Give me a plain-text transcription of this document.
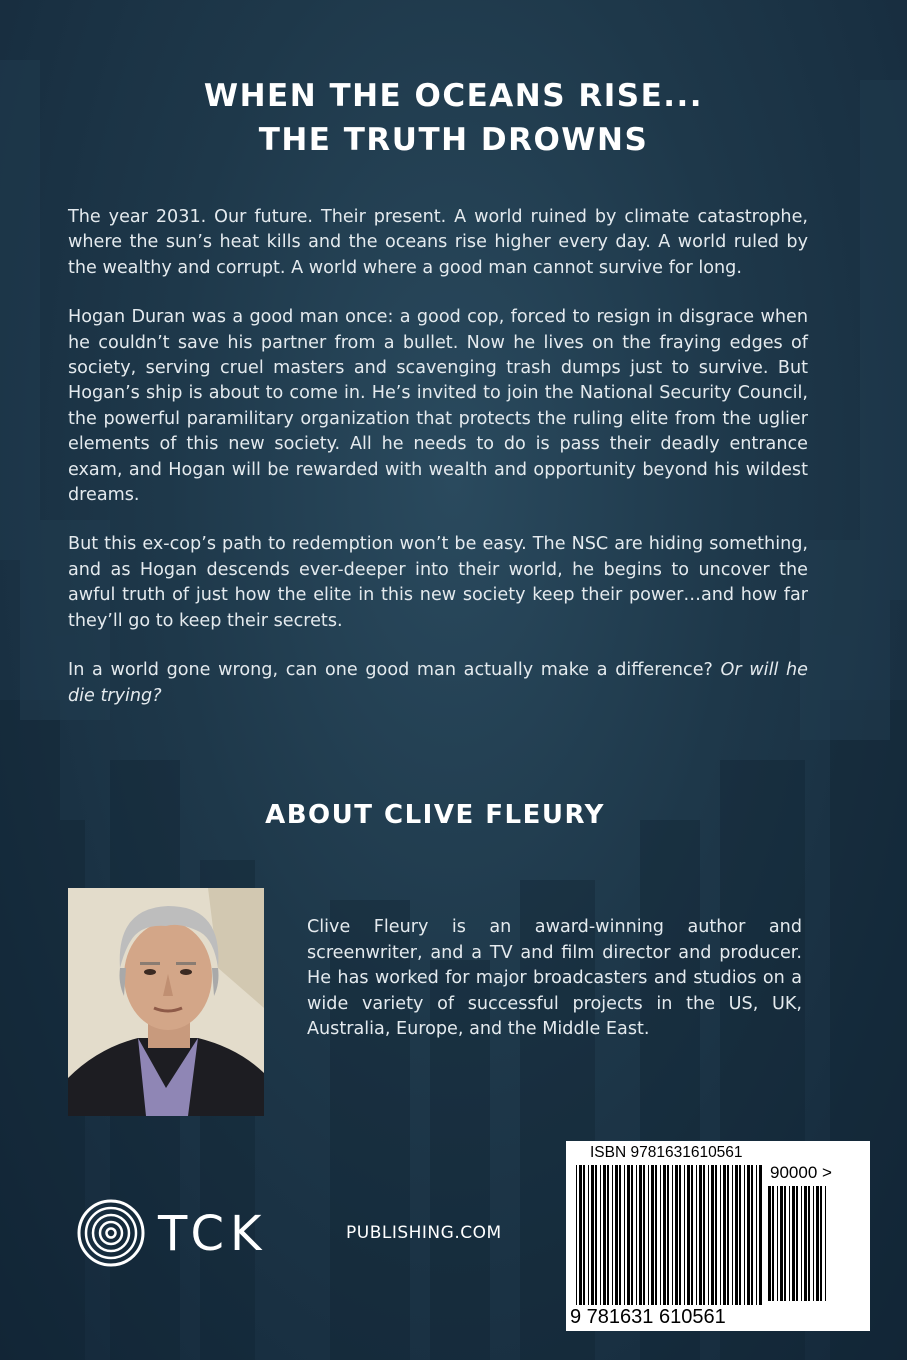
WHEN THE OCEANS RISE...
THE TRUTH DROWNS

The year 2031. Our future. Their present. A world ruined by climate catastrophe, where the sun’s heat kills and the oceans rise higher every day. A world ruled by the wealthy and corrupt. A world where a good man cannot survive for long.

Hogan Duran was a good man once: a good cop, forced to resign in disgrace when he couldn’t save his partner from a bullet. Now he lives on the fraying edges of society, serving cruel masters and scavenging trash dumps just to survive. But Hogan’s ship is about to come in. He’s invited to join the National Security Council, the powerful paramilitary organization that protects the ruling elite from the uglier elements of this new society. All he needs to do is pass their deadly entrance exam, and Hogan will be rewarded with wealth and opportunity beyond his wildest dreams.

But this ex-cop’s path to redemption won’t be easy. The NSC are hiding something, and as Hogan descends ever-deeper into their world, he begins to uncover the awful truth of just how the elite in this new society keep their power…and how far they’ll go to keep their secrets.

In a world gone wrong, can one good man actually make a difference? Or will he die trying?

ABOUT CLIVE FLEURY
Clive Fleury is an award-winning author and screenwriter, and a TV and film director and producer. He has worked for major broadcasters and studios on a wide variety of successful projects in the US, UK, Australia, Europe, and the Middle East.
TCK	PUBLISHING.COM
ISBN 9781631610561
90000 >
9 781631 610561
